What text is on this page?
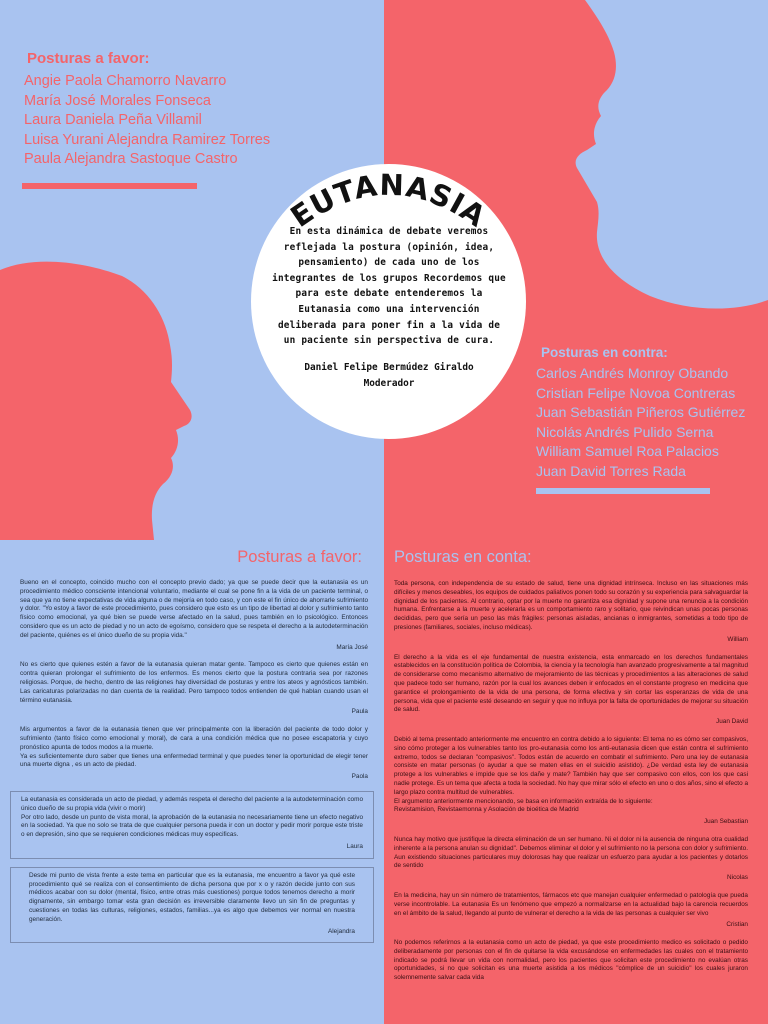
Posturas a favor:
Angie Paola Chamorro Navarro
María José Morales Fonseca
Laura Daniela Peña Villamil
Luisa Yurani Alejandra Ramirez Torres
Paula Alejandra Sastoque Castro
Posturas en contra:
Carlos Andrés Monroy Obando
Cristian Felipe Novoa Contreras
Juan Sebastián Piñeros Gutiérrez
Nicolás Andrés Pulido Serna
William Samuel Roa Palacios
Juan David Torres Rada
EUTANASIA

En esta dinámica de debate veremos reflejada la postura (opinión, idea, pensamiento) de cada uno de los integrantes de los grupos Recordemos que para este debate entenderemos la Eutanasia como una intervención deliberada para poner fin a la vida de un paciente sin perspectiva de cura.

Daniel Felipe Bermúdez Giraldo
Moderador
Posturas a favor:

Bueno en el concepto, coincido mucho con el concepto previo dado; ya que se puede decir que la eutanasia es un procedimiento médico consciente intencional voluntario, mediante el cual se pone fin a la vida de un paciente terminal, o sea que ya no tiene expectativas de vida alguna o de mejoría en todo caso, y con este el fin único de ahorrarle sufrimiento y dolor. "Yo estoy a favor de este procedimiento, pues considero que esto es un tipo de libertad al dolor y sufrimiento tanto físico como emocional, ya qué bien se puede verse afectado en la salud, pues también en lo psicológico. Entonces considero que es un acto de piedad y no un acto de egoísmo, considero que se respeta el derecho a la autodeterminación del paciente, quiénes es el único dueño de su propia vida."

María José

No es cierto que quienes estén a favor de la eutanasia quieran matar gente. Tampoco es cierto que quienes están en contra quieran prolongar el sufrimiento de los enfermos. Es menos cierto que la postura contraria sea por razones religiosas. Porque, de hecho, dentro de las religiones hay diversidad de posturas y entre los ateos y agnósticos también. Las caricaturas polarizadas no dan cuenta de la realidad. Pero tampoco todos entienden de qué hablan cuando usan el término eutanasia.

Paula

Mis argumentos a favor de la eutanasia tienen que ver principalmente con la liberación del paciente de todo dolor y sufrimiento (tanto físico como emocional y moral), de cara a una condición médica que no posee escapatoria y cuyo pronóstico apunta de todos modos a la muerte.
Ya es suficientemente duro saber que tienes una enfermedad terminal y que puedes tener la oportunidad de elegir tener una muerte digna , es un acto de piedad.

Paola

La eutanasia es considerada un acto de piedad, y además respeta el derecho del paciente a la autodeterminación como único dueño de su propia vida (vivir o morir)
Por otro lado, desde un punto de vista moral, la aprobación de la eutanasia no necesariamente tiene un efecto negativo en la sociedad. Ya que no solo se trata de que cualquier persona pueda ir con un doctor y pedir morir porque este triste o en depresión, sino que se requieren condiciones médicas muy especificas.

Laura

Desde mi punto de vista frente a este tema en particular que es la eutanasia, me encuentro a favor ya qué este procedimiento qué se realiza con el consentimiento de dicha persona que por x o y razón decide junto con sus médicos acabar con su dolor (mental, físico, entre otras más cuestiones) porque todos tenemos derecho a morir dignamente, sin embargo tomar esta gran decisión es irreversible claramente llevo un sin fin de preguntas y cuestiones en todas las culturas, religiones, estados, familias...ya es algo que debemos ver normal en nuestra generación.

Alejandra
Posturas en conta:

Toda persona, con independencia de su estado de salud, tiene una dignidad intrínseca. Incluso en las situaciones más difíciles y menos deseables, los equipos de cuidados paliativos ponen todo su corazón y su experiencia para salvaguardar la dignidad de los pacientes. Al contrario, optar por la muerte no garantiza esa dignidad y supone una renuncia a la condición humana. Enfrentarse a la muerte y acelerarla es un comportamiento raro y solitario, que reivindican unas pocas personas decididas, pero que sería un peso las más frágiles: personas aisladas, ancianas o inmigrantes, sometidas a todo tipo de presiones (familiares, sociales, incluso médicas).

William

El derecho a la vida es el eje fundamental de nuestra existencia, esta enmarcado en los derechos fundamentales establecidos en la constitución política de Colombia, la ciencia y la tecnología han avanzado progresivamente a tal magnitud de considerarse como mecanismo alternativo de mejoramiento de las técnicas y procedimientos a las alteraciones de salud que padece todo ser humano, razón por la cual los avances deben ir enfocados en el constante progreso en medicina que garantice el prolongamiento de la vida de una persona, de forma efectiva y sin cortar las esperanzas de vida de una persona, vida que el paciente esté deseando en seguir y que no influya por la falta de oportunidades de mejorar su situación de salud.

Juan David

Debió al tema presentado anteriormente me encuentro en contra debido a lo siguiente: El tema no es cómo ser compasivos, sino cómo proteger a los vulnerables tanto los pro-eutanasia como los anti-eutanasia dicen que están contra el sufrimiento extremo, todos se declaran "compasivos". Todos están de acuerdo en combatir el sufrimiento. Pero una ley de eutanasia consiste en matar personas (o ayudar a que se maten ellas en el suicidio asistido). ¿De verdad esta ley de eutanasia protege a los vulnerables e impide que se los dañe y mate? También hay que ser compasivo con ellos, con los que casi nadie protege. Es un tema que afecta a toda la sociedad. No hay que mirar sólo el efecto en uno o dos años, sino el efecto a largo plazo contra multitud de vulnerables.
El argumento anteriormente mencionando, se basa en información extraída de lo siguiente:
Revistamision, Revistaemonna y Asolación de bioética de Madrid

Juan Sebastian

Nunca hay motivo que justifique la directa eliminación de un ser humano. Ni el dolor ni la ausencia de ninguna otra cualidad inherente a la persona anulan su dignidad". Debemos eliminar el dolor y el sufrimiento no la persona con dolor y sufrimiento. Aun existiendo situaciones particulares muy dolorosas hay que realizar un esfuerzo para ayudar a los pacientes y dotarlos de sentido

Nicolas

En la medicina, hay un sin número de tratamientos, fármacos etc que manejan cualquier enfermedad o patología que pueda verse incontrolable. La eutanasia Es un fenómeno que empezó a normalizarse en la actualidad bajo la carencia recuerdos en el ámbito de la salud, llegando al punto de vulnerar el derecho a la vida de las personas a cualquier ser vivo

Cristian

No podemos referirnos a la eutanasia como un acto de piedad, ya que este procedimiento medico es solicitado o pedido deliberadamente por personas con el fin de quitarse la vida excusándose en enfermedades las cuales con el tratamiento indicado se podrá llevar un vida con normalidad, pero los pacientes que solicitan este procedimiento no evalúan otras oportunidades, si no que solicitan es una muerte asistida a los médicos "cómplice de un suicidio" los cuales juraron solemnemente salvar cada vida
